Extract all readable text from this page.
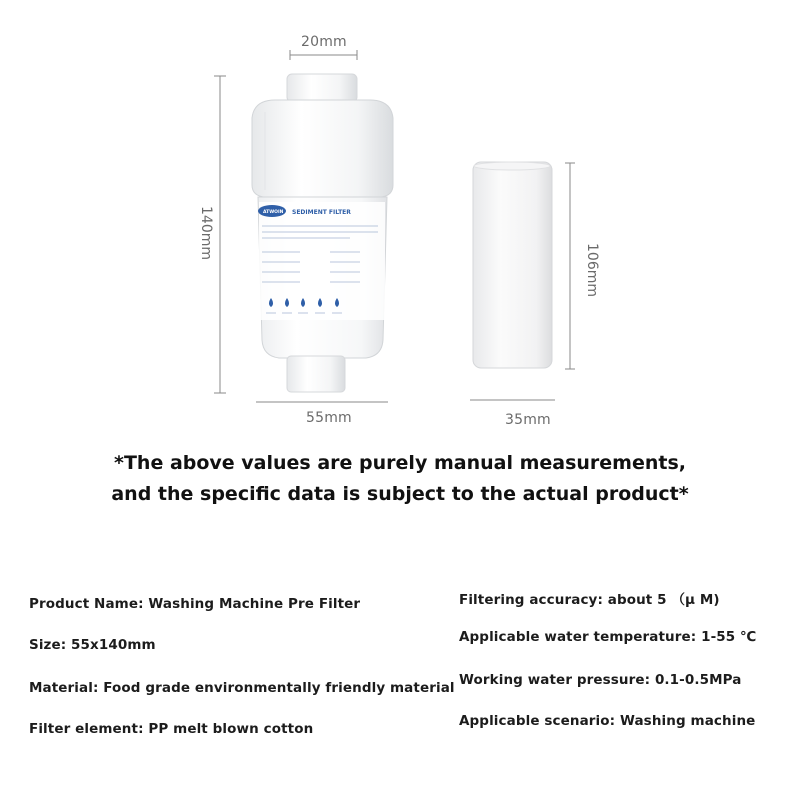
ATWOIN SEDIMENT FILTER
20mm
140mm
55mm
106mm
35mm
*The above values are purely manual measurements,
and the specific data is subject to the actual product*
Product Name: Washing Machine Pre Filter
Size: 55x140mm
Material: Food grade environmentally friendly material
Filter element: PP melt blown cotton
Filtering accuracy: about 5 （μ M)
Applicable water temperature: 1-55 ℃
Working water pressure: 0.1-0.5MPa
Applicable scenario: Washing machine
